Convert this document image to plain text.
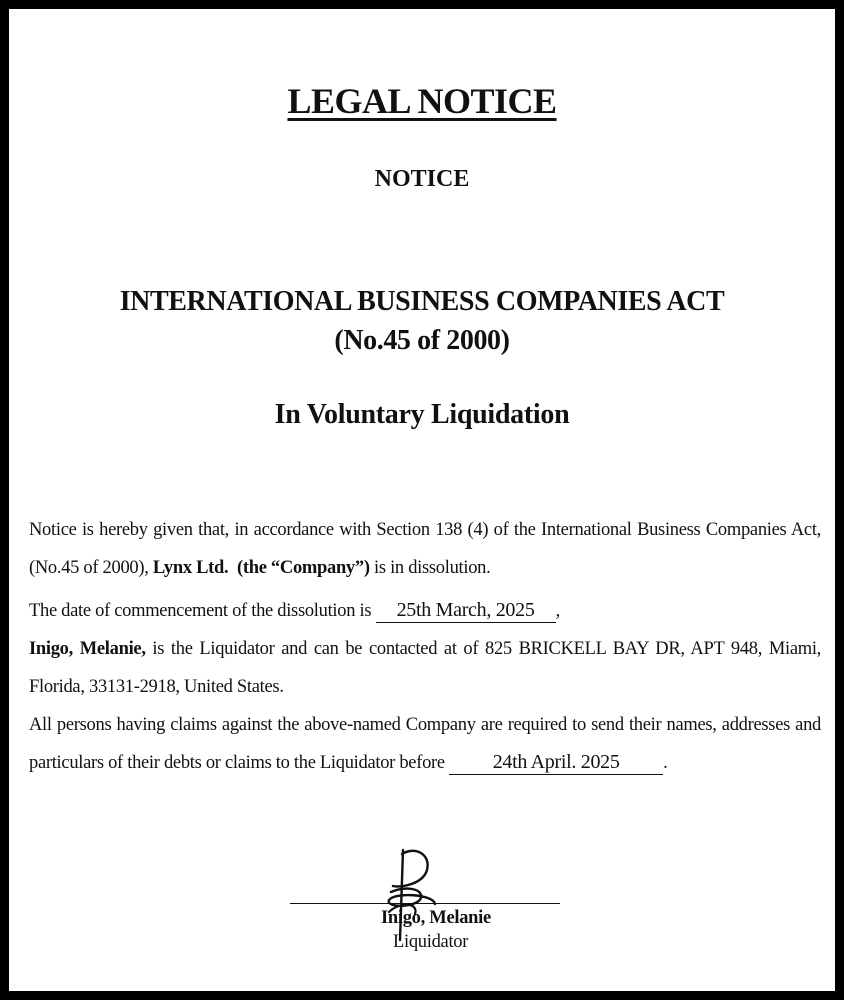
LEGAL NOTICE
NOTICE
INTERNATIONAL BUSINESS COMPANIES ACT
(No.45 of 2000)
In Voluntary Liquidation
Notice is hereby given that, in accordance with Section 138 (4) of the International Business Companies Act,
(No.45 of 2000), Lynx Ltd. (the “Company”) is in dissolution.
The date of commencement of the dissolution is 25th March, 2025 ,
Inigo, Melanie, is the Liquidator and can be contacted at of 825 BRICKELL BAY DR, APT 948, Miami,
Florida, 33131-2918, United States.
All persons having claims against the above-named Company are required to send their names, addresses and
particulars of their debts or claims to the Liquidator before 24th April. 2025 .
Inigo, Melanie
Liquidator
